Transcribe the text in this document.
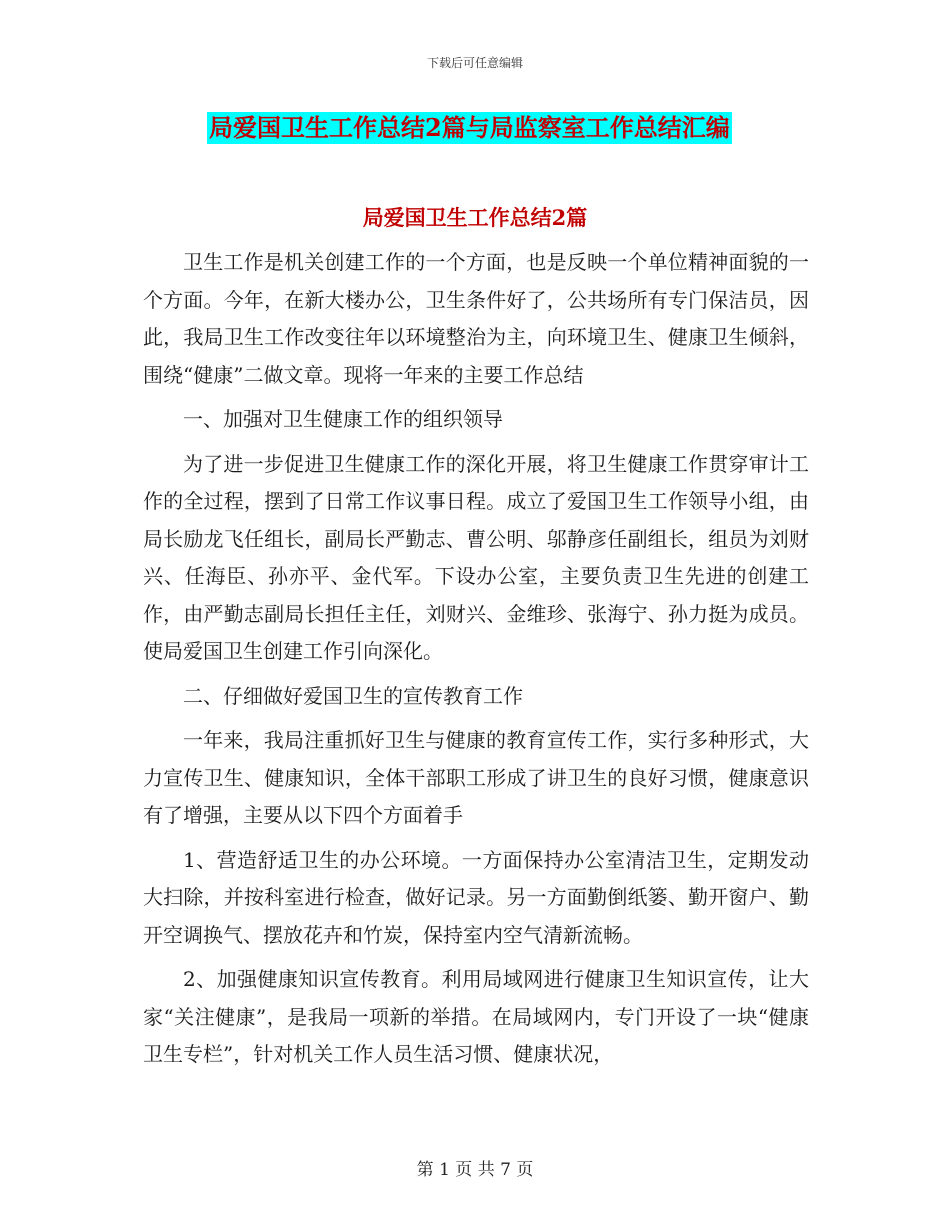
下载后可任意编辑
局爱国卫生工作总结2篇与局监察室工作总结汇编
局爱国卫生工作总结2篇

卫生工作是机关创建工作的一个方面，也是反映一个单位精神面貌的一个方面。今年，在新大楼办公，卫生条件好了，公共场所有专门保洁员，因此，我局卫生工作改变往年以环境整治为主，向环境卫生、健康卫生倾斜，围绕“健康”二做文章。现将一年来的主要工作总结

一、加强对卫生健康工作的组织领导

为了进一步促进卫生健康工作的深化开展，将卫生健康工作贯穿审计工作的全过程，摆到了日常工作议事日程。成立了爱国卫生工作领导小组，由局长励龙飞任组长，副局长严勤志、曹公明、邬静彦任副组长，组员为刘财兴、任海臣、孙亦平、金代军。下设办公室，主要负责卫生先进的创建工作，由严勤志副局长担任主任，刘财兴、金维珍、张海宁、孙力挺为成员。使局爱国卫生创建工作引向深化。

二、仔细做好爱国卫生的宣传教育工作

一年来，我局注重抓好卫生与健康的教育宣传工作，实行多种形式，大力宣传卫生、健康知识，全体干部职工形成了讲卫生的良好习惯，健康意识有了增强，主要从以下四个方面着手

1、营造舒适卫生的办公环境。一方面保持办公室清洁卫生，定期发动大扫除，并按科室进行检查，做好记录。另一方面勤倒纸篓、勤开窗户、勤开空调换气、摆放花卉和竹炭，保持室内空气清新流畅。

2、加强健康知识宣传教育。利用局域网进行健康卫生知识宣传，让大家“关注健康”，是我局一项新的举措。在局域网内，专门开设了一块“健康卫生专栏”，针对机关工作人员生活习惯、健康状况，

第 1 页 共 7 页
